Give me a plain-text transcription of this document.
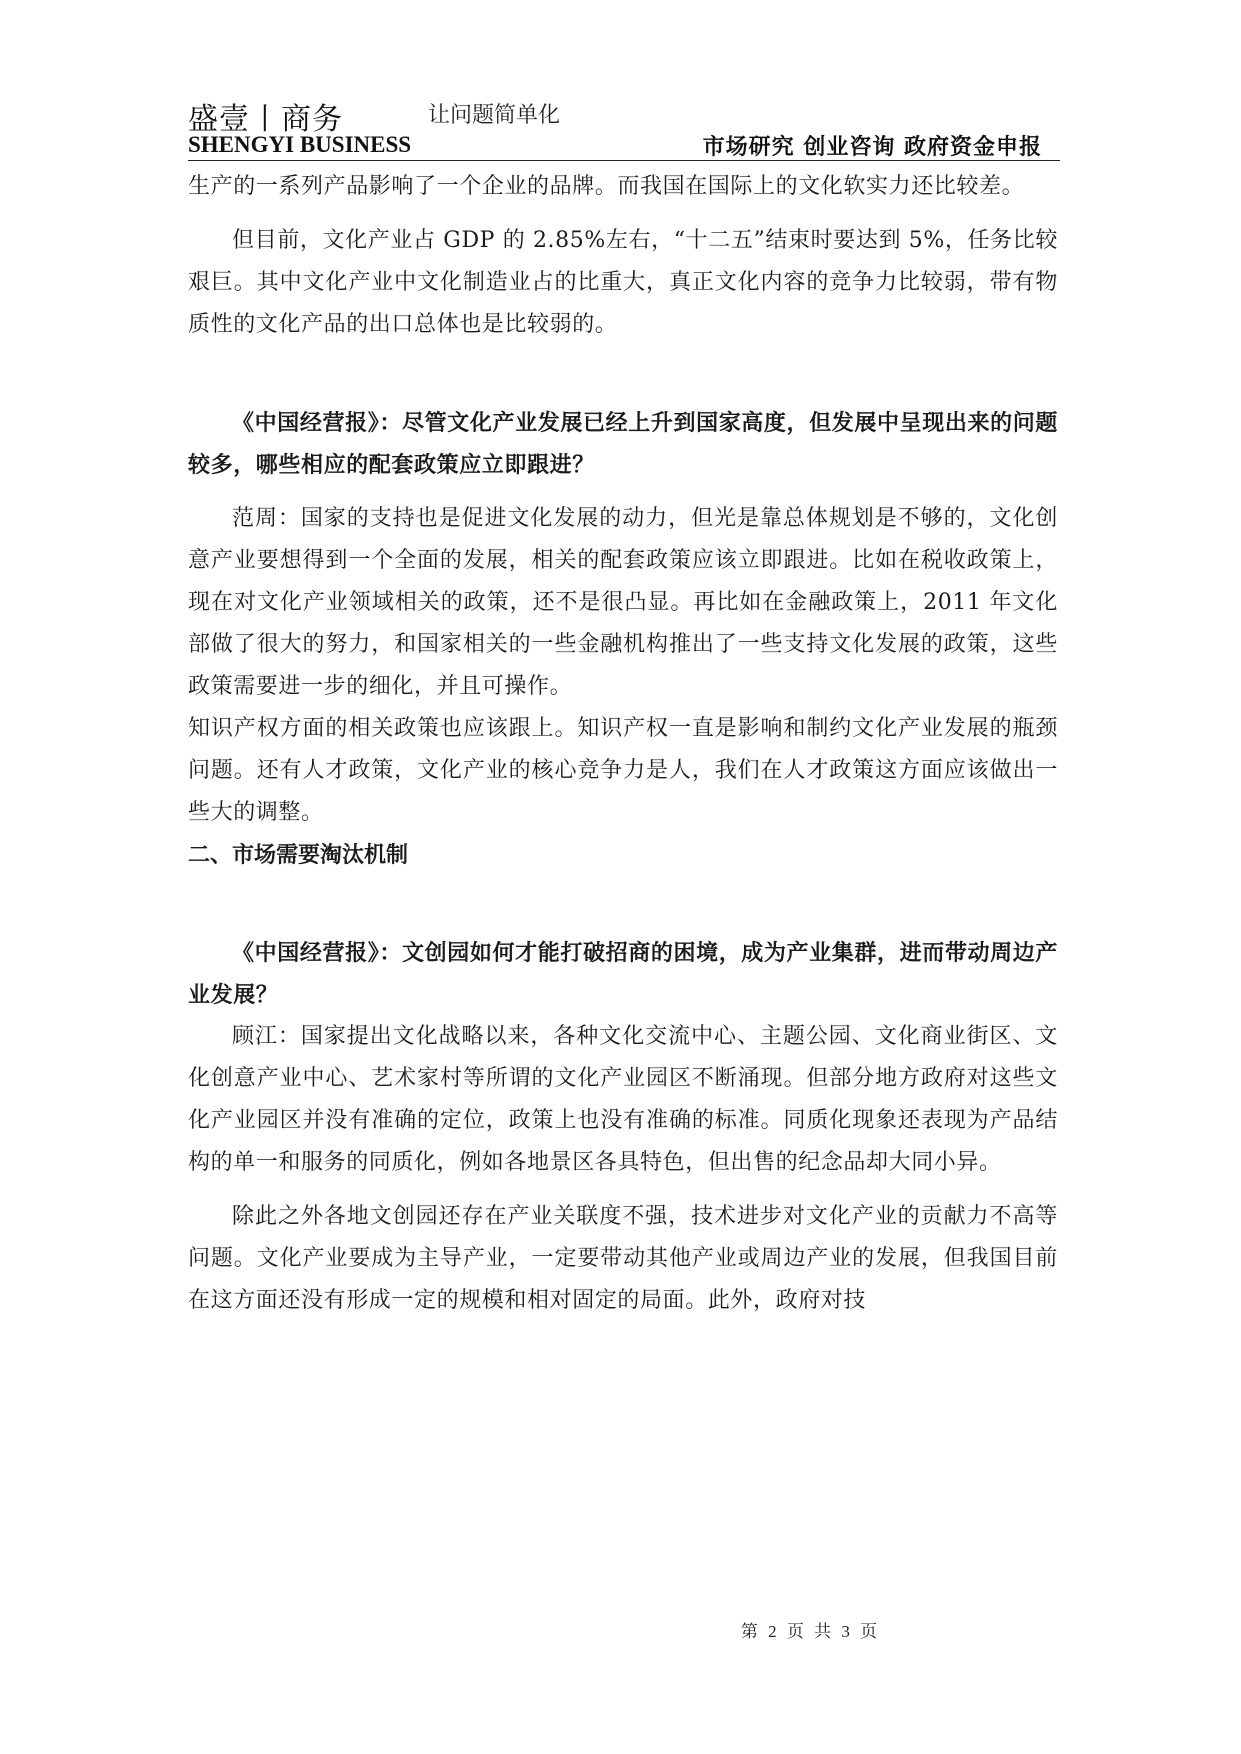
盛壹丨商务	让问题简单化
SHENGYI BUSINESS	市场研究 创业咨询 政府资金申报

生产的一系列产品影响了一个企业的品牌。而我国在国际上的文化软实力还比较差。

但目前，文化产业占 GDP 的 2.85%左右，“十二五”结束时要达到 5%，任务比较艰巨。其中文化产业中文化制造业占的比重大，真正文化内容的竞争力比较弱，带有物质性的文化产品的出口总体也是比较弱的。

《中国经营报》：尽管文化产业发展已经上升到国家高度，但发展中呈现出来的问题较多，哪些相应的配套政策应立即跟进？

范周：国家的支持也是促进文化发展的动力，但光是靠总体规划是不够的，文化创意产业要想得到一个全面的发展，相关的配套政策应该立即跟进。比如在税收政策上，现在对文化产业领域相关的政策，还不是很凸显。再比如在金融政策上，2011 年文化部做了很大的努力，和国家相关的一些金融机构推出了一些支持文化发展的政策，这些政策需要进一步的细化，并且可操作。

知识产权方面的相关政策也应该跟上。知识产权一直是影响和制约文化产业发展的瓶颈问题。还有人才政策，文化产业的核心竞争力是人，我们在人才政策这方面应该做出一些大的调整。

二、市场需要淘汰机制

《中国经营报》：文创园如何才能打破招商的困境，成为产业集群，进而带动周边产业发展？

顾江：国家提出文化战略以来，各种文化交流中心、主题公园、文化商业街区、文化创意产业中心、艺术家村等所谓的文化产业园区不断涌现。但部分地方政府对这些文化产业园区并没有准确的定位，政策上也没有准确的标准。同质化现象还表现为产品结构的单一和服务的同质化，例如各地景区各具特色，但出售的纪念品却大同小异。

除此之外各地文创园还存在产业关联度不强，技术进步对文化产业的贡献力不高等问题。文化产业要成为主导产业，一定要带动其他产业或周边产业的发展，但我国目前在这方面还没有形成一定的规模和相对固定的局面。此外，政府对技

第 2 页 共 3 页
